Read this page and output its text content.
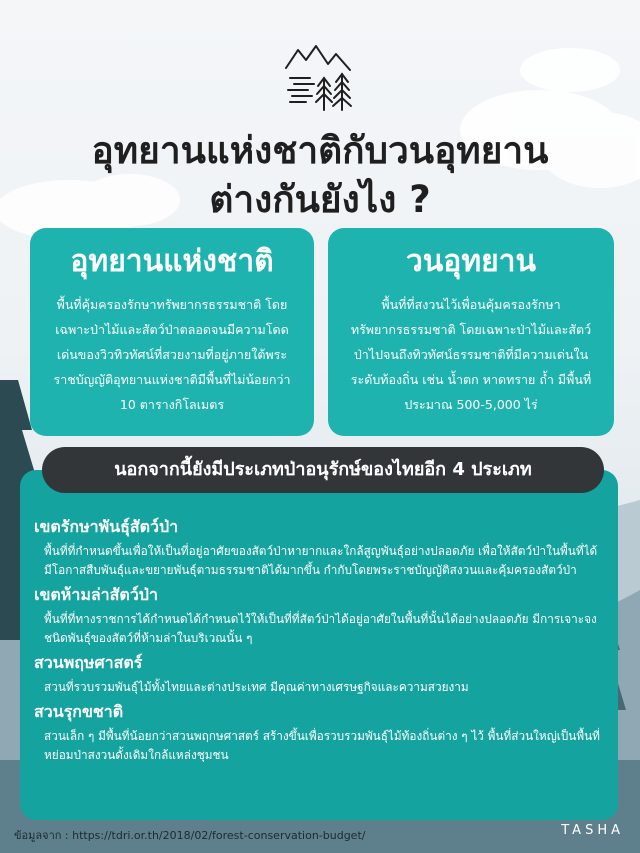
อุทยานแห่งชาติกับวนอุทยาน
ต่างกันยังไง ?
อุทยานแห่งชาติ

พื้นที่คุ้มครองรักษาทรัพยากรธรรมชาติ โดยเฉพาะป่าไม้และสัตว์ป่าตลอดจนมีความโดดเด่นของวิวทิวทัศน์ที่สวยงามที่อยู่ภายใต้พระราชบัญญัติอุทยานแห่งชาติมีพื้นที่ไม่น้อยกว่า 10 ตารางกิโลเมตร

วนอุทยาน

พื้นที่ที่สงวนไว้เพื่อนคุ้มครองรักษาทรัพยากรธรรมชาติ โดยเฉพาะป่าไม้และสัตว์ป่าไปจนถึงทิวทัศน์ธรรมชาติที่มีความเด่นในระดับท้องถิ่น เช่น น้ำตก หาดทราย ถ้ำ มีพื้นที่ประมาณ 500-5,000 ไร่

เขตรักษาพันธุ์สัตว์ป่า

พื้นที่ที่กำหนดขึ้นเพื่อให้เป็นที่อยู่อาศัยของสัตว์ป่าหายากและใกล้สูญพันธุ์อย่างปลอดภัย เพื่อให้สัตว์ป่าในพื้นที่ได้มีโอกาสสืบพันธุ์และขยายพันธุ์ตามธรรมชาติได้มากขึ้น กำกับโดยพระราชบัญญัติสงวนและคุ้มครองสัตว์ป่า

เขตห้ามล่าสัตว์ป่า

พื้นที่ที่ทางราชการได้กำหนดได้กำหนดไว้ให้เป็นที่ที่สัตว์ป่าได้อยู่อาศัยในพื้นที่นั้นได้อย่างปลอดภัย มีการเจาะจงชนิดพันธุ์ของสัตว์ที่ห้ามล่าในบริเวณนั้น ๆ

สวนพฤษศาสตร์

สวนที่รวบรวมพันธุ์ไม้ทั้งไทยและต่างประเทศ มีคุณค่าทางเศรษฐกิจและความสวยงาม

สวนรุกขชาติ

สวนเล็ก ๆ มีพื้นที่น้อยกว่าสวนพฤกษศาสตร์ สร้างขึ้นเพื่อรวบรวมพันธุ์ไม้ท้องถิ่นต่าง ๆ ไว้ พื้นที่ส่วนใหญ่เป็นพื้นที่หย่อมป่าสงวนดั้งเดิมใกล้แหล่งชุมชน

นอกจากนี้ยังมีประเภทป่าอนุรักษ์ของไทยอีก 4 ประเภท
ข้อมูลจาก : https://tdri.or.th/2018/02/forest-conservation-budget/	TASHA
